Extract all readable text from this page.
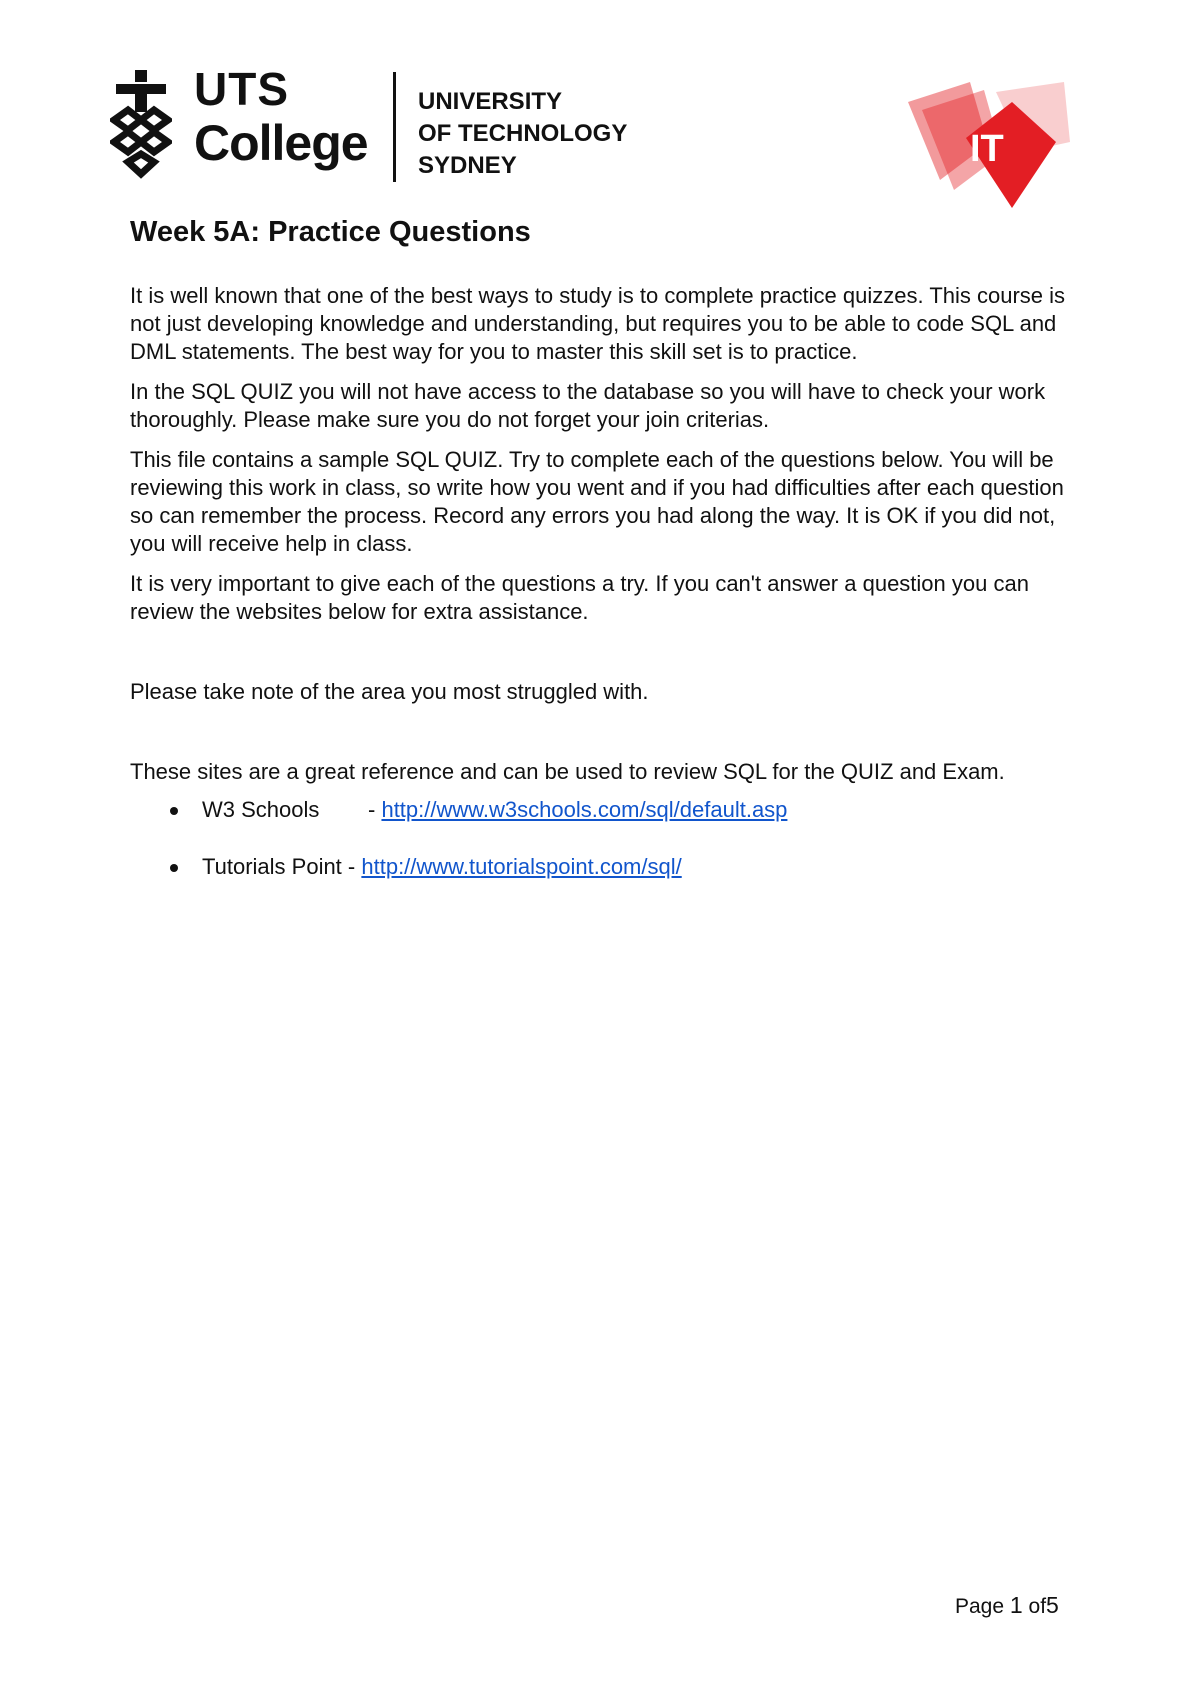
UTS
College
UNIVERSITY
OF TECHNOLOGY
SYDNEY	IT
Week 5A: Practice Questions

It is well known that one of the best ways to study is to complete practice quizzes. This course is not just developing knowledge and understanding, but requires you to be able to code SQL and DML statements. The best way for you to master this skill set is to practice.

In the SQL QUIZ you will not have access to the database so you will have to check your work thoroughly. Please make sure you do not forget your join criterias.

This file contains a sample SQL QUIZ. Try to complete each of the questions below. You will be reviewing this work in class, so write how you went and if you had difficulties after each question so can remember the process. Record any errors you had along the way. It is OK if you did not, you will receive help in class.

It is very important to give each of the questions a try. If you can't answer a question you can review the websites below for extra assistance.

Please take note of the area you most struggled with.

These sites are a great reference and can be used to review SQL for the QUIZ and Exam.

W3 Schools - http://www.w3schools.com/sql/default.asp
Tutorials Point - http://www.tutorialspoint.com/sql/
Page 1 of5
